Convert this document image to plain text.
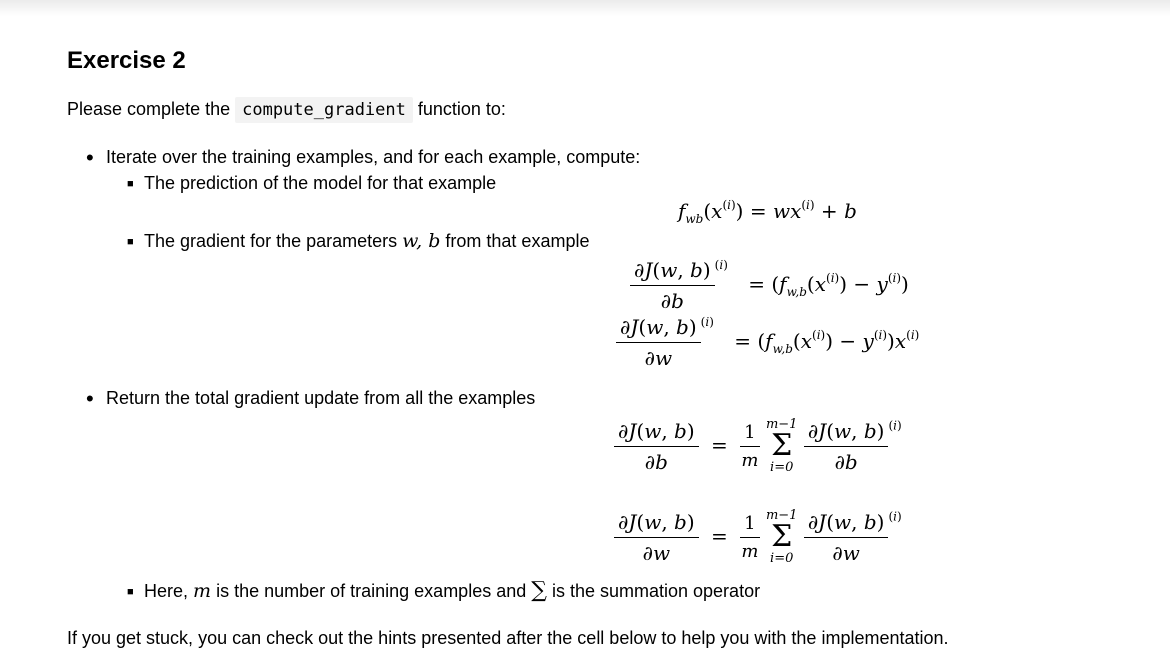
Exercise 2
Please complete the compute_gradient function to:
• Iterate over the training examples, and for each example, compute:
■ The prediction of the model for that example
$f_{wb}(x^{(i)}) = wx^{(i)} + b$
■ The gradient for the parameters w, b from that example
$\frac{\partial J(w, b)}{\partial b} ^{(i)} = (f_{w,b}(x^{(i)}) - y^{(i)})$
$\frac{\partial J(w, b)}{\partial w} ^{(i)} = (f_{w,b}(x^{(i)}) - y^{(i)})x^{(i)}$
• Return the total gradient update from all the examples
$\frac{\partial J(w, b)}{\partial b} = \frac{1}{m}$
m−1
Σ
i=0
$\frac{\partial J(w, b)}{\partial b} ^{(i)}$
$\frac{\partial J(w, b)}{\partial w} = \frac{1}{m}$
m−1
Σ
i=0
$\frac{\partial J(w, b)}{\partial w} ^{(i)}$
■ Here, m is the number of training examples and ∑ is the summation operator
If you get stuck, you can check out the hints presented after the cell below to help you with the implementation.
